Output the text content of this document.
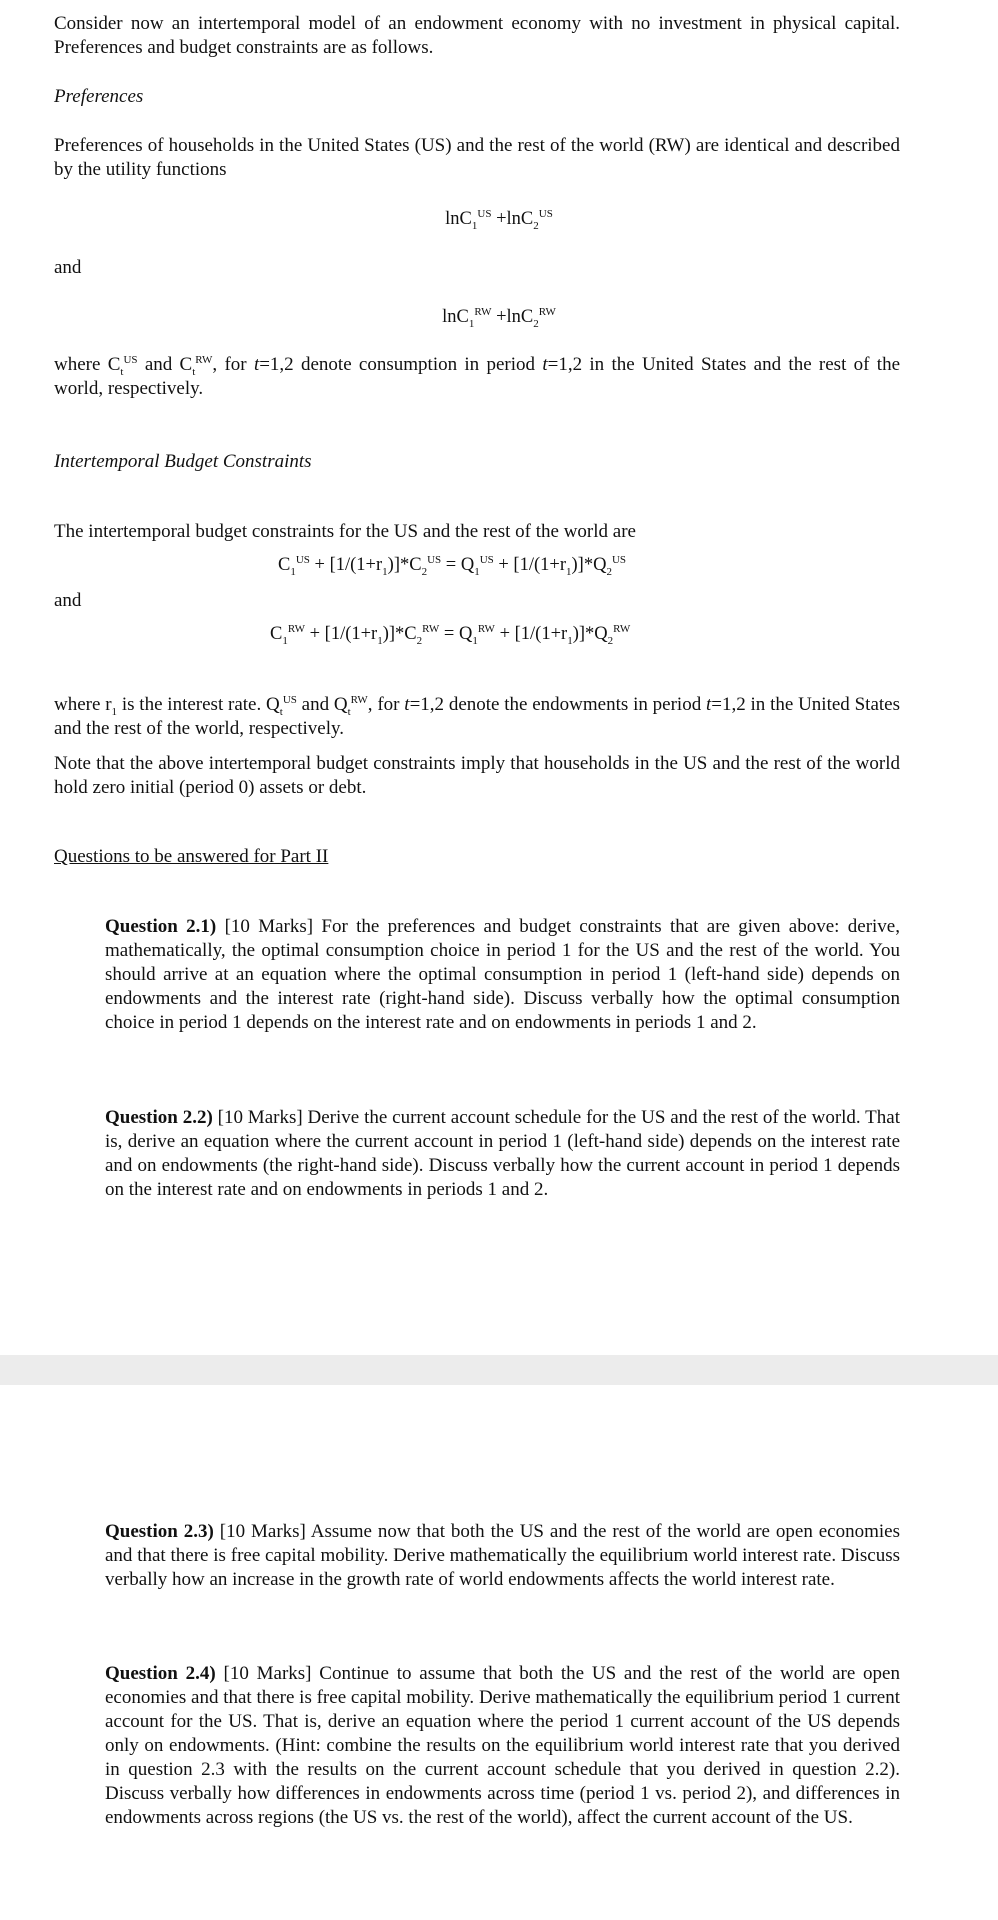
Consider now an intertemporal model of an endowment economy with no investment in physical capital. Preferences and budget constraints are as follows.
Preferences
Preferences of households in the United States (US) and the rest of the world (RW) are identical and described by the utility functions
lnC$_1^{US}$ +lnC$_2^{US}$
and
lnC$_1^{RW}$ +lnC$_2^{RW}$
where $C_t^{US}$ and $C_t^{RW}$, for t=1,2 denote consumption in period t=1,2 in the United States and the rest of the world, respectively.
Intertemporal Budget Constraints
The intertemporal budget constraints for the US and the rest of the world are
$C_1^{US} + [1/(1+r_1)]*C_2^{US} = Q_1^{US} + [1/(1+r_1)]*Q_2^{US}$
and
$C_1^{RW} + [1/(1+r_1)]*C_2^{RW} = Q_1^{RW} + [1/(1+r_1)]*Q_2^{RW}$
where $r_1$ is the interest rate. $Q_t^{US}$ and $Q_t^{RW}$, for t=1,2 denote the endowments in period t=1,2 in the United States and the rest of the world, respectively.
Note that the above intertemporal budget constraints imply that households in the US and the rest of the world hold zero initial (period 0) assets or debt.
Questions to be answered for Part II
Question 2.1) [10 Marks] For the preferences and budget constraints that are given above: derive, mathematically, the optimal consumption choice in period 1 for the US and the rest of the world. You should arrive at an equation where the optimal consumption in period 1 (left-hand side) depends on endowments and the interest rate (right-hand side). Discuss verbally how the optimal consumption choice in period 1 depends on the interest rate and on endowments in periods 1 and 2.
Question 2.2) [10 Marks] Derive the current account schedule for the US and the rest of the world. That is, derive an equation where the current account in period 1 (left-hand side) depends on the interest rate and on endowments (the right-hand side). Discuss verbally how the current account in period 1 depends on the interest rate and on endowments in periods 1 and 2.
Question 2.3) [10 Marks] Assume now that both the US and the rest of the world are open economies and that there is free capital mobility. Derive mathematically the equilibrium world interest rate. Discuss verbally how an increase in the growth rate of world endowments affects the world interest rate.
Question 2.4) [10 Marks] Continue to assume that both the US and the rest of the world are open economies and that there is free capital mobility. Derive mathematically the equilibrium period 1 current account for the US. That is, derive an equation where the period 1 current account of the US depends only on endowments. (Hint: combine the results on the equilibrium world interest rate that you derived in question 2.3 with the results on the current account schedule that you derived in question 2.2). Discuss verbally how differences in endowments across time (period 1 vs. period 2), and differences in endowments across regions (the US vs. the rest of the world), affect the current account of the US.
